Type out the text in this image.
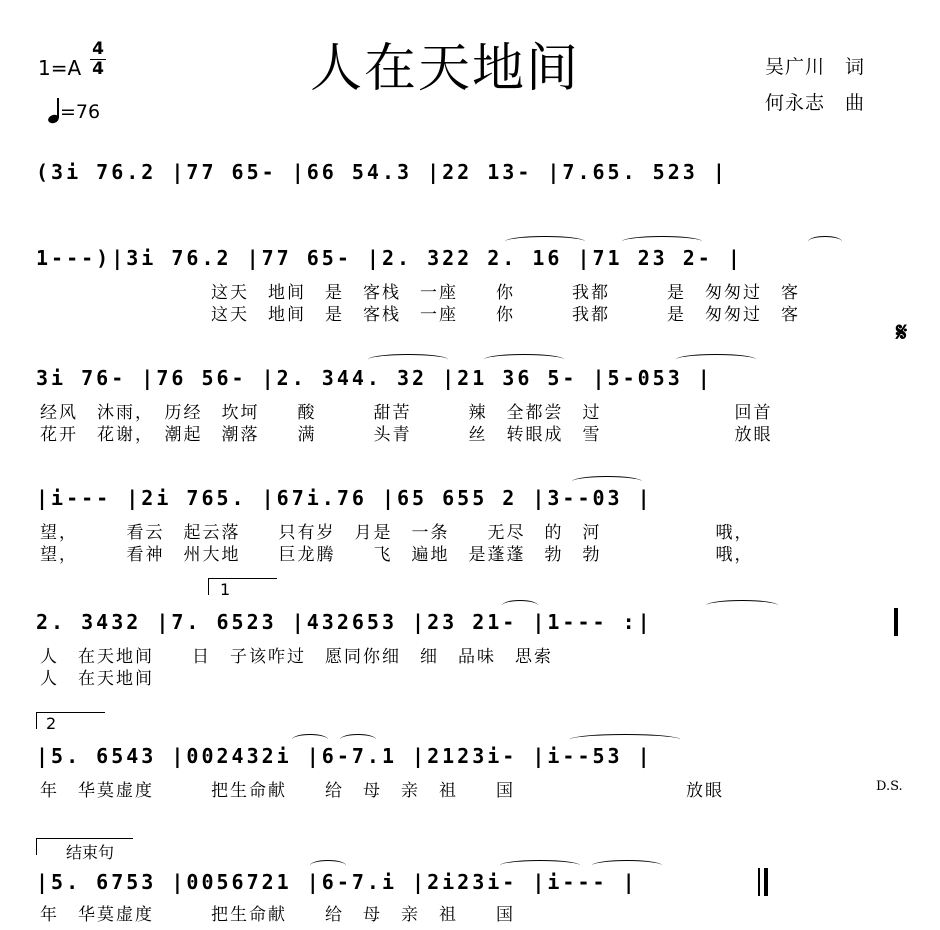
人在天地间
1=A
4
4
=76
吴广川　词
何永志　曲
(3i 76.2 |77 65- |66 54.3 |22 13- |7.65. 523 |
1---)|3i 76.2 |77 65- |2. 322 2. 16 |71 23 2- |
　　　　　　　　　这天　地间　是　客栈　一座　　你　　　我都　　　是　匆匆过　客
　　　　　　　　　这天　地间　是　客栈　一座　　你　　　我都　　　是　匆匆过　客
𝄋
3i 76- |76 56- |2. 344. 32 |21 36 5- |5-053 |
经风　沐雨，　历经　坎坷　　酸　　　甜苦　　　辣　全都尝　过　　　　　　　回首
花开　花谢，　潮起　潮落　　满　　　头青　　　丝　转眼成　雪　　　　　　　放眼
|i--- |2i 765. |67i.76 |65 655 2 |3--03 |
望，　　　看云　起云落　　只有岁　月是　一条　　无尽　的　河　　　　　　哦，
望，　　　看神　州大地　　巨龙腾　　飞　遍地　是蓬蓬　勃　勃　　　　　　哦，
1
2. 3432 |7. 6523 |432653 |23 21- |1--- :|
人　在天地间　　日　子该咋过　愿同你细　细　品味　思索
人　在天地间
2
|5. 6543 |002432i |6-7.1 |2123i- |i--53 |
年　华莫虚度　　　把生命献　　给　母　亲　祖　　国　　　　　　　　　放眼	D.S.
结束句
|5. 6753 |0056721 |6-7.i |2i23i- |i--- |
年　华莫虚度　　　把生命献　　给　母　亲　祖　　国
